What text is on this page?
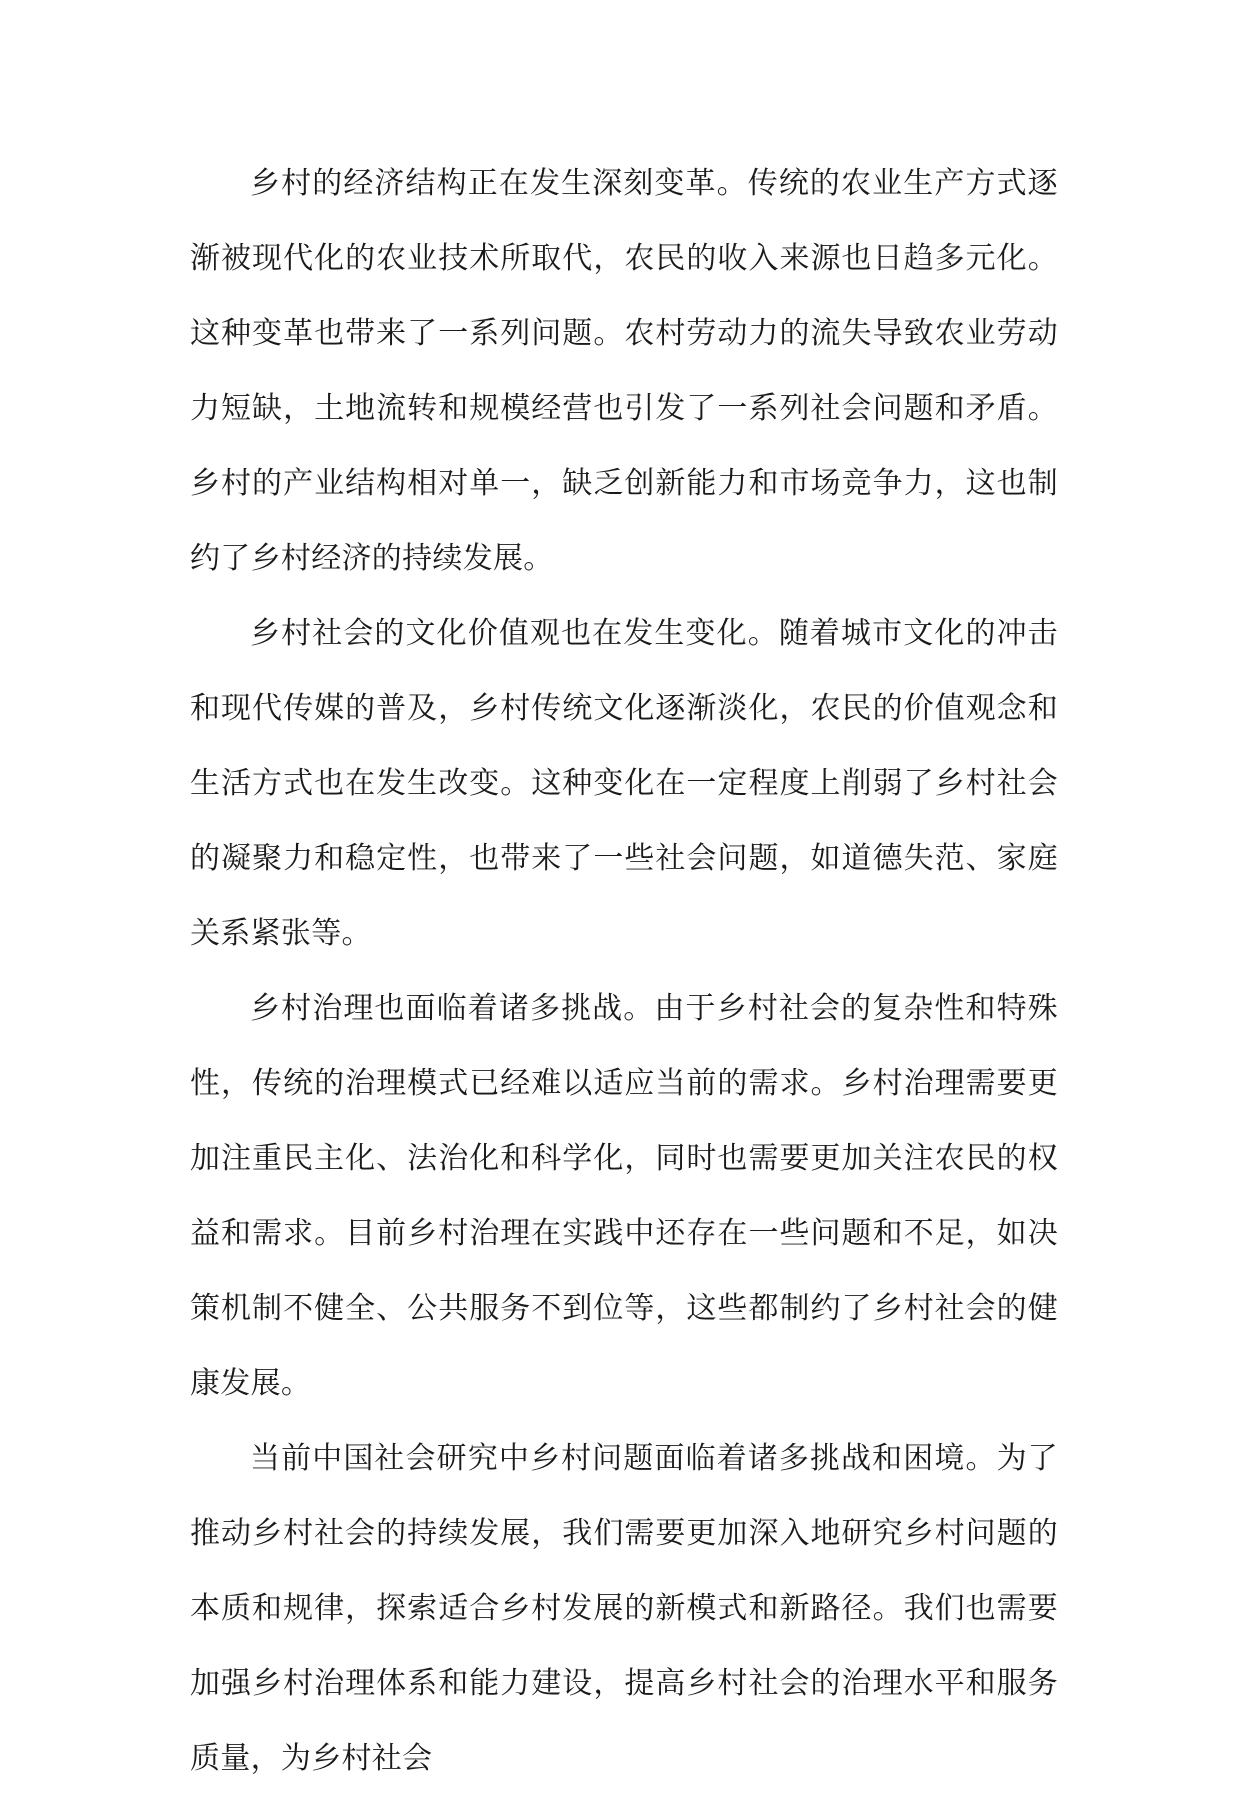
乡村的经济结构正在发生深刻变革。传统的农业生产方式逐渐被现代化的农业技术所取代，农民的收入来源也日趋多元化。这种变革也带来了一系列问题。农村劳动力的流失导致农业劳动力短缺，土地流转和规模经营也引发了一系列社会问题和矛盾。乡村的产业结构相对单一，缺乏创新能力和市场竞争力，这也制约了乡村经济的持续发展。

乡村社会的文化价值观也在发生变化。随着城市文化的冲击和现代传媒的普及，乡村传统文化逐渐淡化，农民的价值观念和生活方式也在发生改变。这种变化在一定程度上削弱了乡村社会的凝聚力和稳定性，也带来了一些社会问题，如道德失范、家庭关系紧张等。

乡村治理也面临着诸多挑战。由于乡村社会的复杂性和特殊性，传统的治理模式已经难以适应当前的需求。乡村治理需要更加注重民主化、法治化和科学化，同时也需要更加关注农民的权益和需求。目前乡村治理在实践中还存在一些问题和不足，如决策机制不健全、公共服务不到位等，这些都制约了乡村社会的健康发展。

当前中国社会研究中乡村问题面临着诸多挑战和困境。为了推动乡村社会的持续发展，我们需要更加深入地研究乡村问题的本质和规律，探索适合乡村发展的新模式和新路径。我们也需要加强乡村治理体系和能力建设，提高乡村社会的治理水平和服务质量，为乡村社会
